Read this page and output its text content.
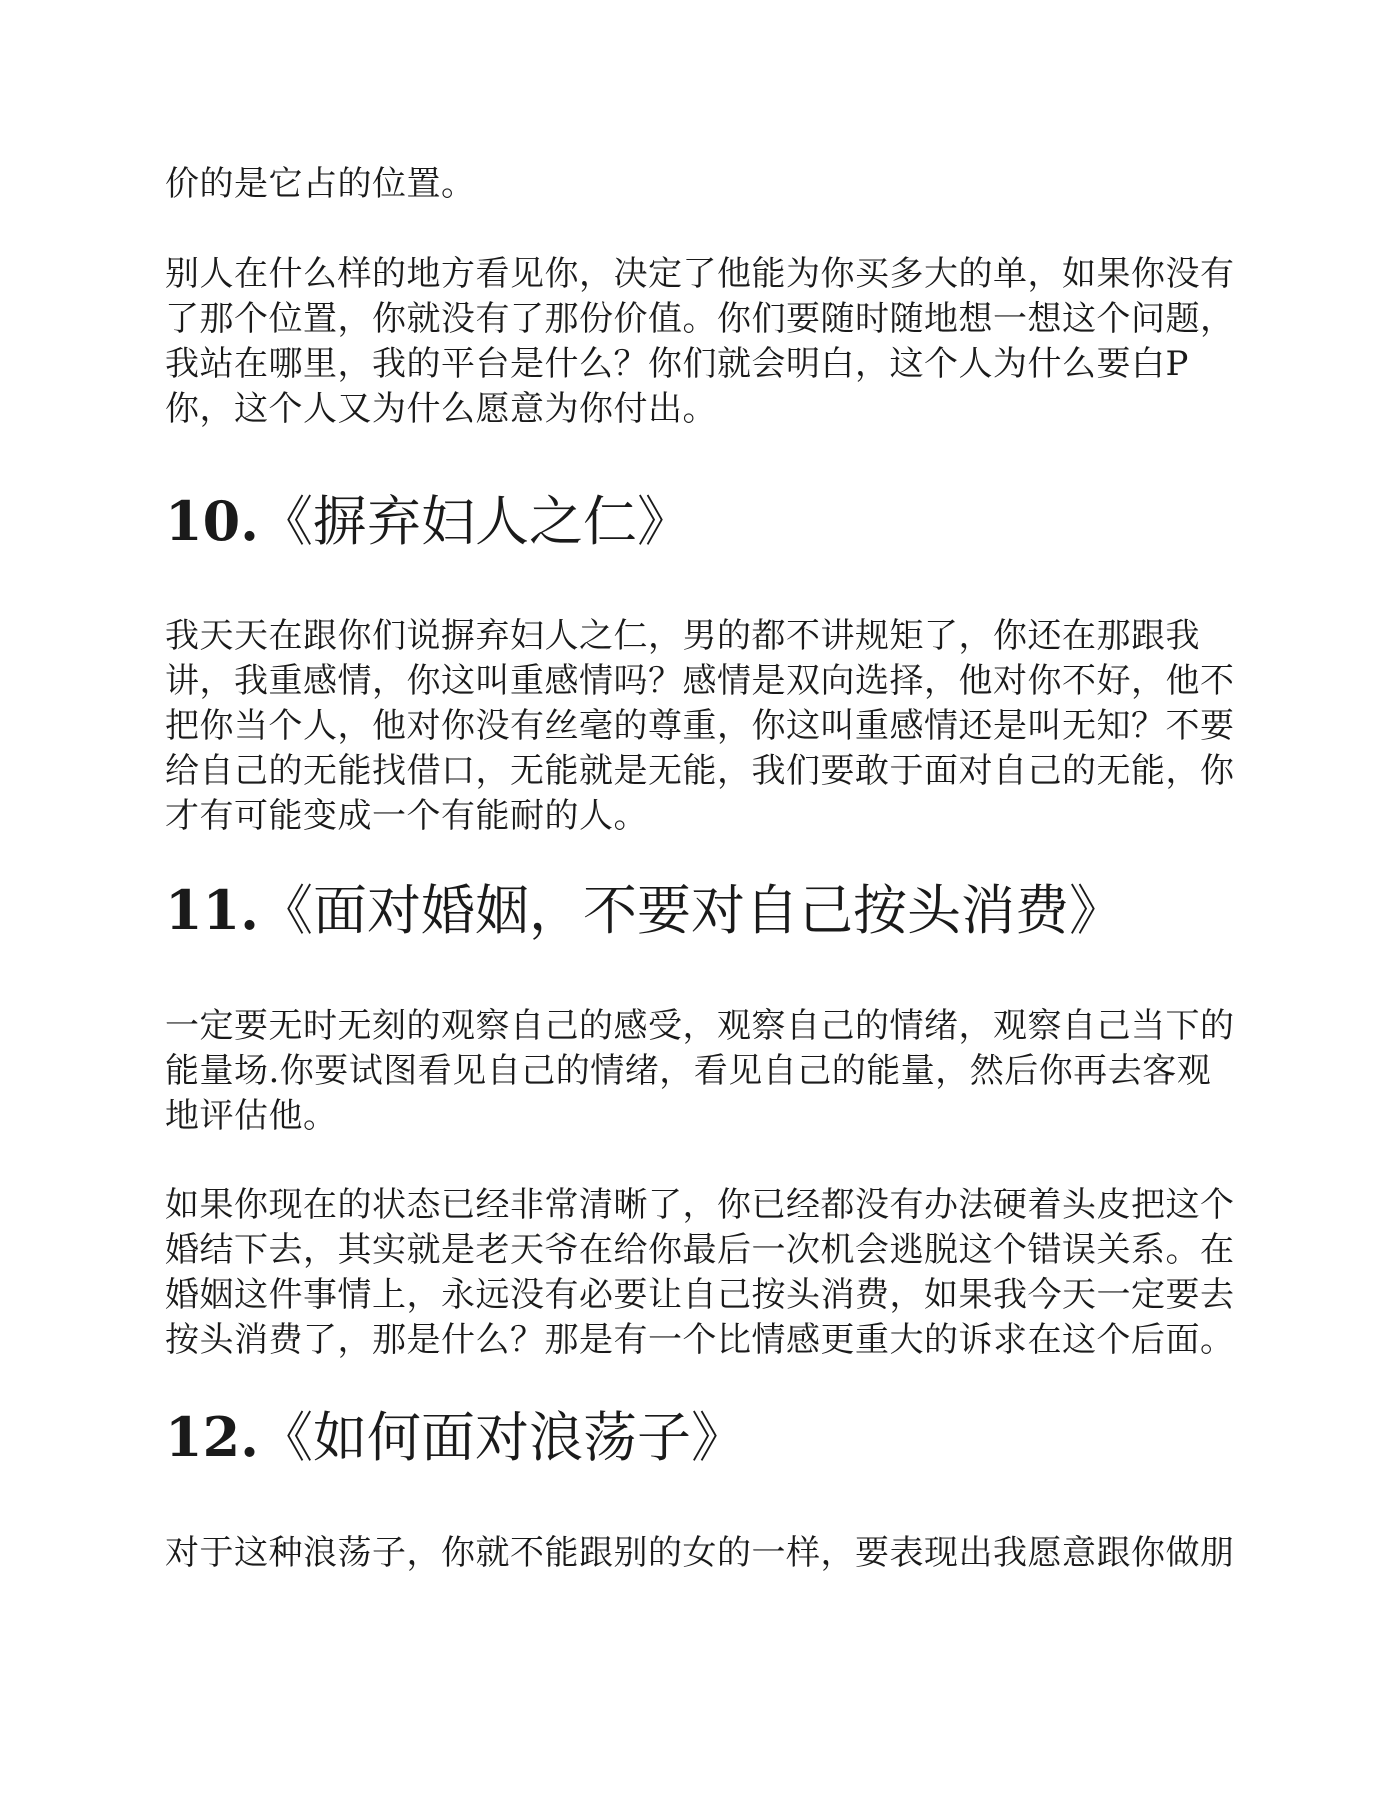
价的是它占的位置。

别人在什么样的地方看见你，决定了他能为你买多大的单，如果你没有了那个位置，你就没有了那份价值。你们要随时随地想一想这个问题，我站在哪里，我的平台是什么？你们就会明白，这个人为什么要白P你，这个人又为什么愿意为你付出。

10.《摒弃妇人之仁》

我天天在跟你们说摒弃妇人之仁，男的都不讲规矩了，你还在那跟我讲，我重感情，你这叫重感情吗？感情是双向选择，他对你不好，他不把你当个人，他对你没有丝毫的尊重，你这叫重感情还是叫无知？不要给自己的无能找借口，无能就是无能，我们要敢于面对自己的无能，你才有可能变成一个有能耐的人。

11.《面对婚姻，不要对自己按头消费》

一定要无时无刻的观察自己的感受，观察自己的情绪，观察自己当下的能量场.你要试图看见自己的情绪，看见自己的能量，然后你再去客观地评估他。

如果你现在的状态已经非常清晰了，你已经都没有办法硬着头皮把这个婚结下去，其实就是老天爷在给你最后一次机会逃脱这个错误关系。在婚姻这件事情上，永远没有必要让自己按头消费，如果我今天一定要去按头消费了，那是什么？那是有一个比情感更重大的诉求在这个后面。

12.《如何面对浪荡子》

对于这种浪荡子，你就不能跟别的女的一样，要表现出我愿意跟你做朋
